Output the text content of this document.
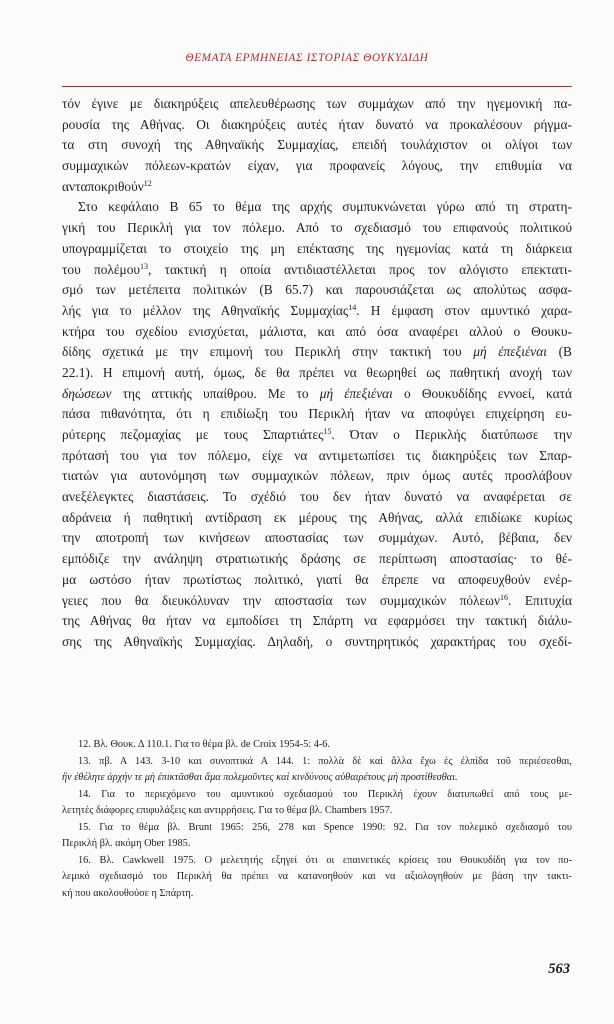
ΘΕΜΑΤΑ ΕΡΜΗΝΕΙΑΣ ΙΣΤΟΡΙΑΣ ΘΟΥΚΥΔΙΔΗ
τόν έγινε με διακηρύξεις απελευθέρωσης των συμμάχων από την ηγεμονική πα-
ρουσία της Αθήνας. Οι διακηρύξεις αυτές ήταν δυνατό να προκαλέσουν ρήγμα-
τα στη συνοχή της Αθηναϊκής Συμμαχίας, επειδή τουλάχιστον οι ολίγοι των
συμμαχικών πόλεων-κρατών είχαν, για προφανείς λόγους, την επιθυμία να
ανταποκριθούν$^{12}$
Στο κεφάλαιο Β 65 το θέμα της αρχής συμπυκνώνεται γύρω από τη στρατη-
γική του Περικλή για τον πόλεμο. Από το σχεδιασμό του επιφανούς πολιτικού
υπογραμμίζεται το στοιχείο της μη επέκτασης της ηγεμονίας κατά τη διάρκεια
του πολέμου$^{13}$, τακτική η οποία αντιδιαστέλλεται προς τον αλόγιστο επεκτατι-
σμό των μετέπειτα πολιτικών (Β 65.7) και παρουσιάζεται ως απολύτως ασφα-
λής για το μέλλον της Αθηναϊκής Συμμαχίας$^{14}$. Η έμφαση στον αμυντικό χαρα-
κτήρα του σχεδίου ενισχύεται, μάλιστα, και από όσα αναφέρει αλλού ο Θουκυ-
δίδης σχετικά με την επιμονή του Περικλή στην τακτική του μή ἐπεξιέναι (Β
22.1). Η επιμονή αυτή, όμως, δε θα πρέπει να θεωρηθεί ως παθητική ανοχή των
δηώσεων της αττικής υπαίθρου. Με το μή ἐπεξιέναι ο Θουκυδίδης εννοεί, κατά
πάσα πιθανότητα, ότι η επιδίωξη του Περικλή ήταν να αποφύγει επιχείρηση ευ-
ρύτερης πεζομαχίας με τους Σπαρτιάτες$^{15}$. Όταν ο Περικλής διατύπωσε την
πρότασή του για τον πόλεμο, είχε να αντιμετωπίσει τις διακηρύξεις των Σπαρ-
τιατών για αυτονόμηση των συμμαχικών πόλεων, πριν όμως αυτές προσλάβουν
ανεξέλεγκτες διαστάσεις. Το σχέδιό του δεν ήταν δυνατό να αναφέρεται σε
αδράνεια ή παθητική αντίδραση εκ μέρους της Αθήνας, αλλά επιδίωκε κυρίως
την αποτροπή των κινήσεων αποστασίας των συμμάχων. Αυτό, βέβαια, δεν
εμπόδιζε την ανάληψη στρατιωτικής δράσης σε περίπτωση αποστασίας· το θέ-
μα ωστόσο ήταν πρωτίστως πολιτικό, γιατί θα έπρεπε να αποφευχθούν ενέρ-
γειες που θα διευκόλυναν την αποστασία των συμμαχικών πόλεων$^{16}$. Επιτυχία
της Αθήνας θα ήταν να εμποδίσει τη Σπάρτη να εφαρμόσει την τακτική διάλυ-
σης της Αθηναϊκής Συμμαχίας. Δηλαδή, ο συντηρητικός χαρακτήρας του σχεδί-
12. Βλ. Θουκ. Δ 110.1. Για το θέμα βλ. de Croix 1954-5: 4-6.
13. πβ. Α 143. 3-10 και συνοπτικά Α 144. 1: πολλὰ δὲ καὶ ἄλλα ἔχω ἐς ἐλπίδα τοῦ περιέσεσθαι,
ἢν ἐθέλητε ἀρχήν τε μὴ ἐπικτᾶσθαι ἅμα πολεμοῦντες καὶ κινδύνους αὐθαιρέτους μὴ προστίθεσθαι.
14. Για το περιεχόμενο του αμυντικού σχεδιασμού του Περικλή έχουν διατυπωθεί από τους με-
λετητές διάφορες επιφυλάξεις και αντιρρήσεις. Για το θέμα βλ. Chambers 1957.
15. Για το θέμα βλ. Brunt 1965: 256, 278 και Spence 1990: 92. Για τον πολεμικό σχεδιασμό του
Περικλή βλ. ακόμη Ober 1985.
16. Βλ. Cawkwell 1975. Ο μελετητής εξηγεί ότι οι επαινετικές κρίσεις του Θουκυδίδη για τον πο-
λεμικό σχεδιασμό του Περικλή θα πρέπει να κατανοηθούν και να αξιολογηθούν με βάση την τακτι-
κή που ακολουθούσε η Σπάρτη.
563
